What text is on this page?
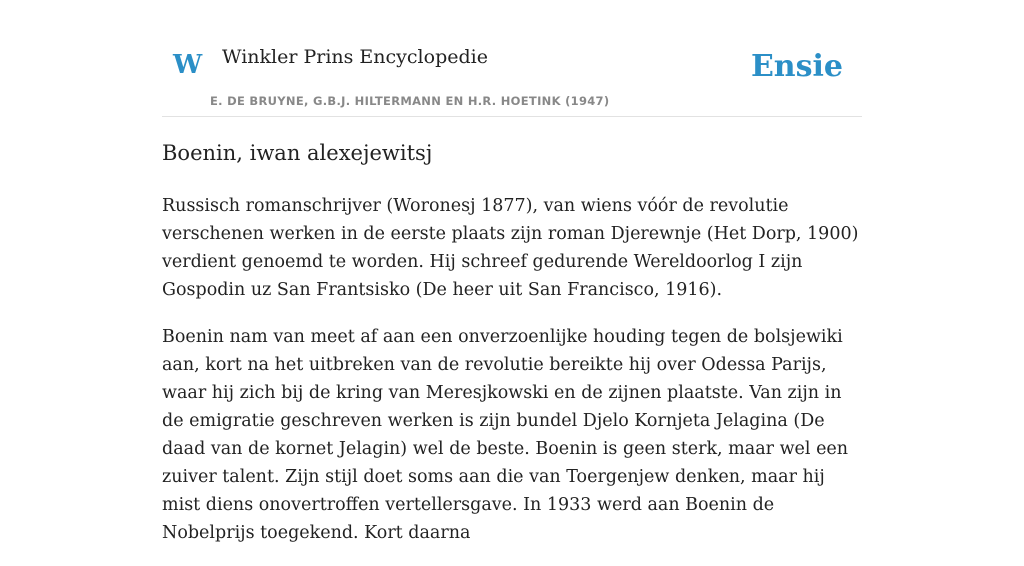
W Winkler Prins Encyclopedie
E. DE BRUYNE, G.B.J. HILTERMANN EN H.R. HOETINK (1947)
Ensie
Boenin, iwan alexejewitsj

Russisch romanschrijver (Woronesj 1877), van wiens vóór de revolutie verschenen werken in de eerste plaats zijn roman Djerewnje (Het Dorp, 1900) verdient genoemd te worden. Hij schreef gedurende Wereldoorlog I zijn Gospodin uz San Frantsisko (De heer uit San Francisco, 1916).

Boenin nam van meet af aan een onverzoenlijke houding tegen de bolsjewiki aan, kort na het uitbreken van de revolutie bereikte hij over Odessa Parijs, waar hij zich bij de kring van Meresjkowski en de zijnen plaatste. Van zijn in de emigratie geschreven werken is zijn bundel Djelo Kornjeta Jelagina (De daad van de kornet Jelagin) wel de beste. Boenin is geen sterk, maar wel een zuiver talent. Zijn stijl doet soms aan die van Toergenjew denken, maar hij mist diens onovertroffen vertellersgave. In 1933 werd aan Boenin de Nobelprijs toegekend. Kort daarna
